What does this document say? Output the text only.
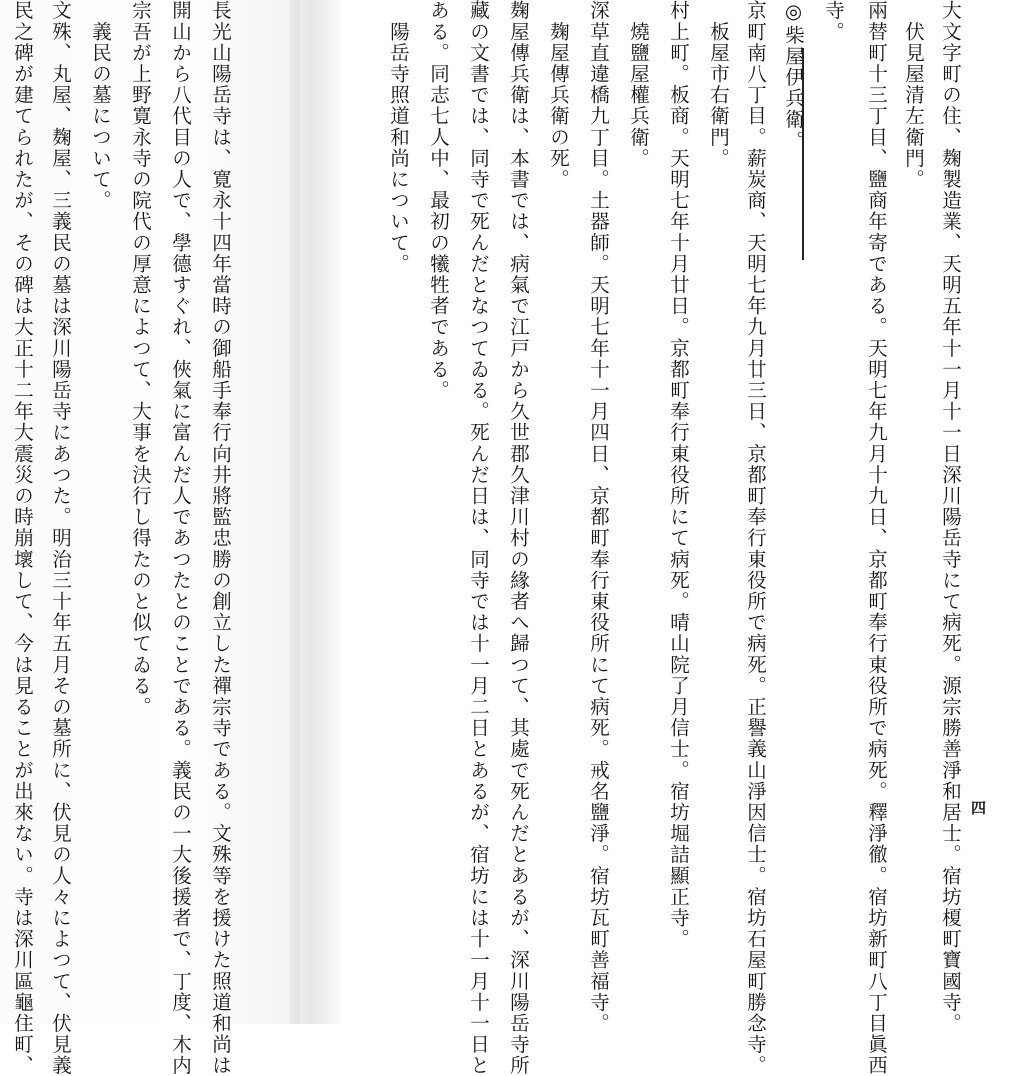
四

大文字町の住、麹製造業、天明五年十一月十一日深川陽岳寺にて病死。源宗勝善淨和居士。宿坊榎町寶國寺。

　伏見屋清左衛門。

兩替町十三丁目、鹽商年寄である。天明七年九月十九日、京都町奉行東役所で病死。釋淨徹。宿坊新町八丁目眞西

寺。

◎柴屋伊兵衛。

京町南八丁目。薪炭商、天明七年九月廿三日、京都町奉行東役所で病死。正譽義山淨因信士。宿坊石屋町勝念寺。

　板屋市右衛門。

村上町。板商。天明七年十月廿日。京都町奉行東役所にて病死。晴山院了月信士。宿坊堀詰顯正寺。

　燒鹽屋權兵衛。

深草直違橋九丁目。土器師。天明七年十一月四日、京都町奉行東役所にて病死。戒名鹽淨。宿坊瓦町善福寺。

　麹屋傳兵衛の死。

麹屋傳兵衛は、本書では、病氣で江戸から久世郡久津川村の緣者へ歸つて、其處で死んだとあるが、深川陽岳寺所

藏の文書では、同寺で死んだとなつてゐる。死んだ日は、同寺では十一月二日とあるが、宿坊には十一月十一日と

ある。同志七人中、最初の犧牲者である。

　陽岳寺照道和尚について。

長光山陽岳寺は、寛永十四年當時の御船手奉行向井將監忠勝の創立した禪宗寺である。文殊等を援けた照道和尚は

開山から八代目の人で、學德すぐれ、俠氣に富んだ人であつたとのことである。義民の一大後援者で、丁度、木内

宗吾が上野寛永寺の院代の厚意によつて、大事を決行し得たのと似てゐる。

　義民の墓について。

文殊、丸屋、麹屋、三義民の墓は深川陽岳寺にあつた。明治三十年五月その墓所に、伏見の人々によつて、伏見義

民之碑が建てられたが、その碑は大正十二年大震災の時崩壞して、今は見ることが出來ない。寺は深川區龜住町、
